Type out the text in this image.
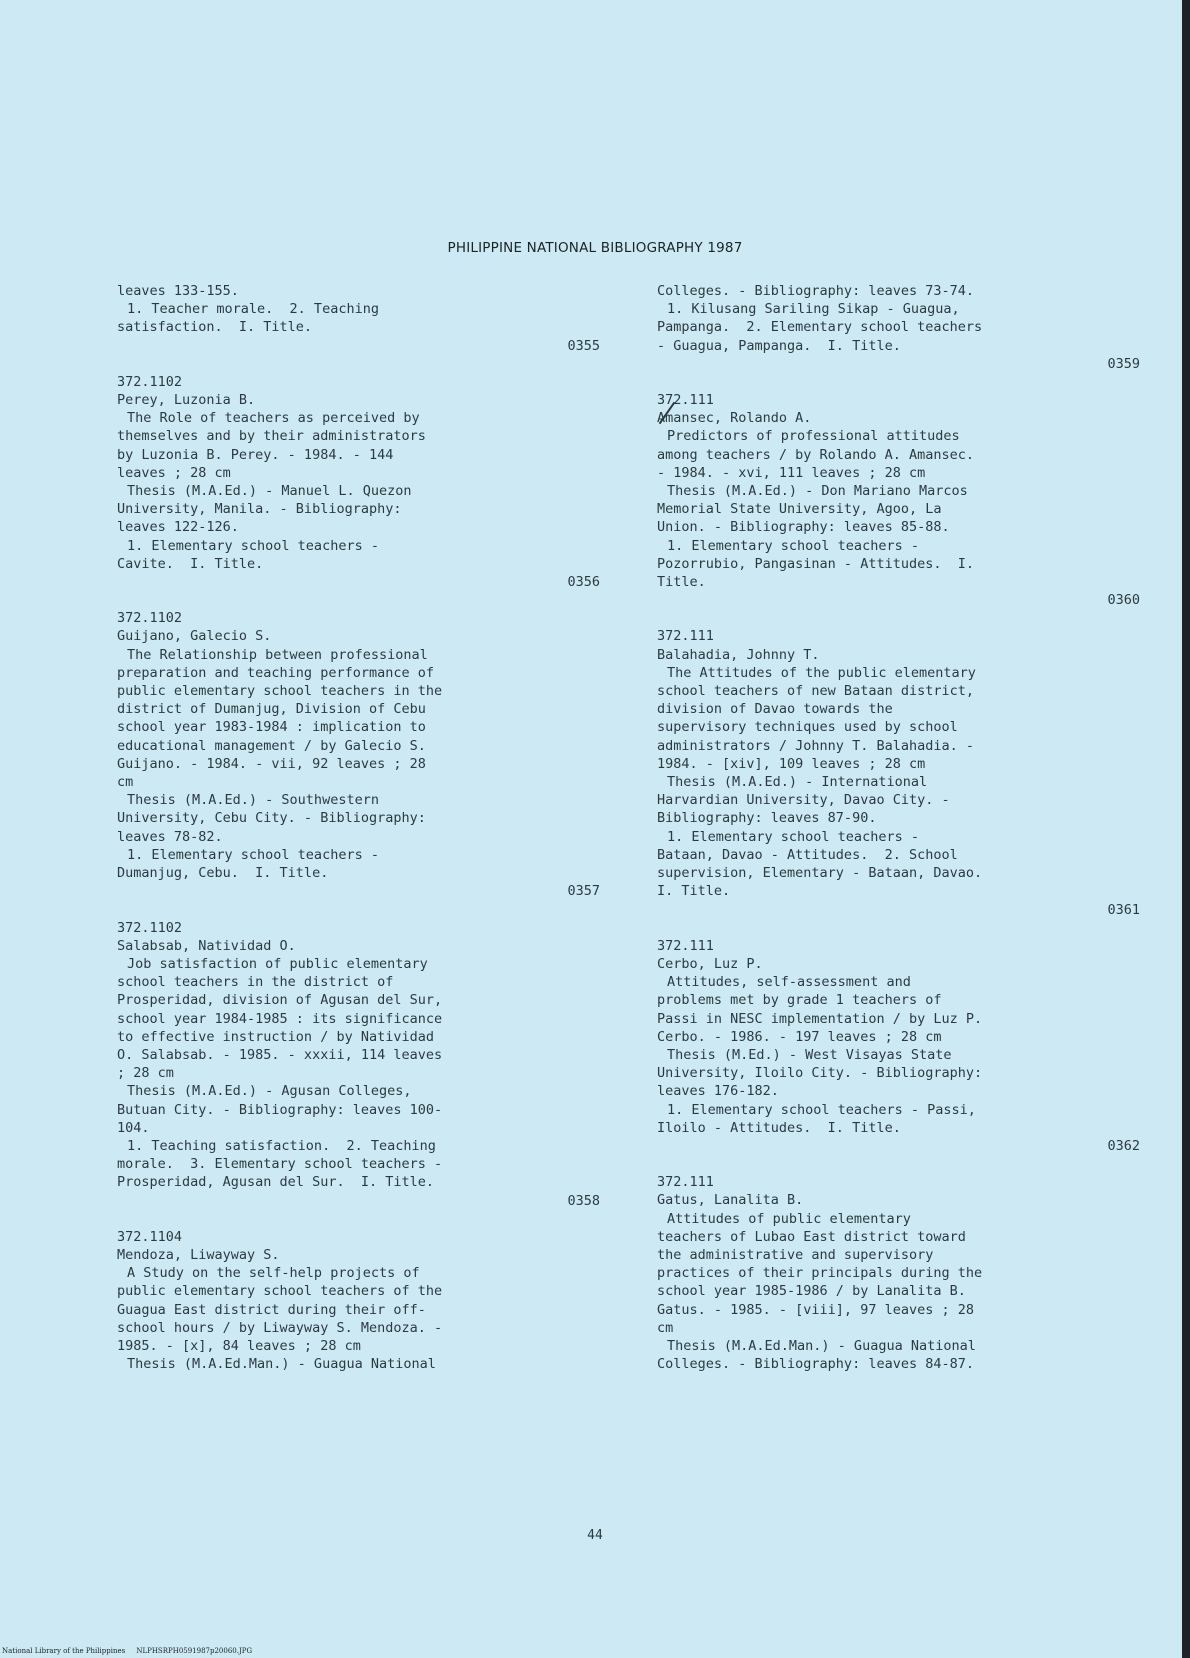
PHILIPPINE NATIONAL BIBLIOGRAPHY 1987
leaves 133-155.
1. Teacher morale.  2. Teaching
satisfaction.  I. Title.
0355
372.1102
Perey, Luzonia B.
The Role of teachers as perceived by
themselves and by their administrators
by Luzonia B. Perey. - 1984. - 144
leaves ; 28 cm
Thesis (M.A.Ed.) - Manuel L. Quezon
University, Manila. - Bibliography:
leaves 122-126.
1. Elementary school teachers -
Cavite.  I. Title.
0356
372.1102
Guijano, Galecio S.
The Relationship between professional
preparation and teaching performance of
public elementary school teachers in the
district of Dumanjug, Division of Cebu
school year 1983-1984 : implication to
educational management / by Galecio S.
Guijano. - 1984. - vii, 92 leaves ; 28
cm
Thesis (M.A.Ed.) - Southwestern
University, Cebu City. - Bibliography:
leaves 78-82.
1. Elementary school teachers -
Dumanjug, Cebu.  I. Title.
0357
372.1102
Salabsab, Natividad O.
Job satisfaction of public elementary
school teachers in the district of
Prosperidad, division of Agusan del Sur,
school year 1984-1985 : its significance
to effective instruction / by Natividad
O. Salabsab. - 1985. - xxxii, 114 leaves
; 28 cm
Thesis (M.A.Ed.) - Agusan Colleges,
Butuan City. - Bibliography: leaves 100-
104.
1. Teaching satisfaction.  2. Teaching
morale.  3. Elementary school teachers -
Prosperidad, Agusan del Sur.  I. Title.
0358
372.1104
Mendoza, Liwayway S.
A Study on the self-help projects of
public elementary school teachers of the
Guagua East district during their off-
school hours / by Liwayway S. Mendoza. -
1985. - [x], 84 leaves ; 28 cm
Thesis (M.A.Ed.Man.) - Guagua National
Colleges. - Bibliography: leaves 73-74.
1. Kilusang Sariling Sikap - Guagua,
Pampanga.  2. Elementary school teachers
- Guagua, Pampanga.  I. Title.
0359
372.111
Amansec, Rolando A.
Predictors of professional attitudes
among teachers / by Rolando A. Amansec.
- 1984. - xvi, 111 leaves ; 28 cm
Thesis (M.A.Ed.) - Don Mariano Marcos
Memorial State University, Agoo, La
Union. - Bibliography: leaves 85-88.
1. Elementary school teachers -
Pozorrubio, Pangasinan - Attitudes.  I.
Title.
0360
372.111
Balahadia, Johnny T.
The Attitudes of the public elementary
school teachers of new Bataan district,
division of Davao towards the
supervisory techniques used by school
administrators / Johnny T. Balahadia. -
1984. - [xiv], 109 leaves ; 28 cm
Thesis (M.A.Ed.) - International
Harvardian University, Davao City. -
Bibliography: leaves 87-90.
1. Elementary school teachers -
Bataan, Davao - Attitudes.  2. School
supervision, Elementary - Bataan, Davao.
I. Title.
0361
372.111
Cerbo, Luz P.
Attitudes, self-assessment and
problems met by grade 1 teachers of
Passi in NESC implementation / by Luz P.
Cerbo. - 1986. - 197 leaves ; 28 cm
Thesis (M.Ed.) - West Visayas State
University, Iloilo City. - Bibliography:
leaves 176-182.
1. Elementary school teachers - Passi,
Iloilo - Attitudes.  I. Title.
0362
372.111
Gatus, Lanalita B.
Attitudes of public elementary
teachers of Lubao East district toward
the administrative and supervisory
practices of their principals during the
school year 1985-1986 / by Lanalita B.
Gatus. - 1985. - [viii], 97 leaves ; 28
cm
Thesis (M.A.Ed.Man.) - Guagua National
Colleges. - Bibliography: leaves 84-87.
44
National Library of the Philippines     NLPHSRPH0591987p20060.JPG
